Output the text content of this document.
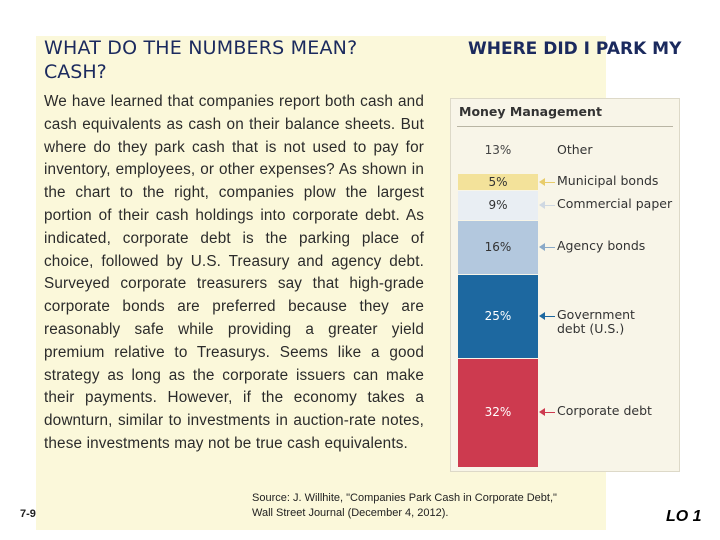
WHAT DO THE NUMBERS MEAN?
CASH?
WHERE DID I PARK MY
We have learned that companies report both cash and cash equivalents as cash on their balance sheets. But where do they park cash that is not used to pay for inventory, employees, or other expenses? As shown in the chart to the right, companies plow the largest portion of their cash holdings into corporate debt. As indicated, corporate debt is the parking place of choice, followed by U.S. Treasury and agency debt. Surveyed corporate treasurers say that high-grade corporate bonds are preferred because they are reasonably safe while providing a greater yield premium relative to Treasurys. Seems like a good strategy as long as the corporate issuers can make their payments. However, if the economy takes a downturn, similar to investments in auction-rate notes, these investments may not be true cash equivalents.
Money Management
13%	Other
5%	Municipal bonds
9%	Commercial paper
16%	Agency bonds
25%	Government
debt (U.S.)
32%	Corporate debt
Source: J. Willhite, "Companies Park Cash in Corporate Debt,"
Wall Street Journal (December 4, 2012).
7-9	LO 1
